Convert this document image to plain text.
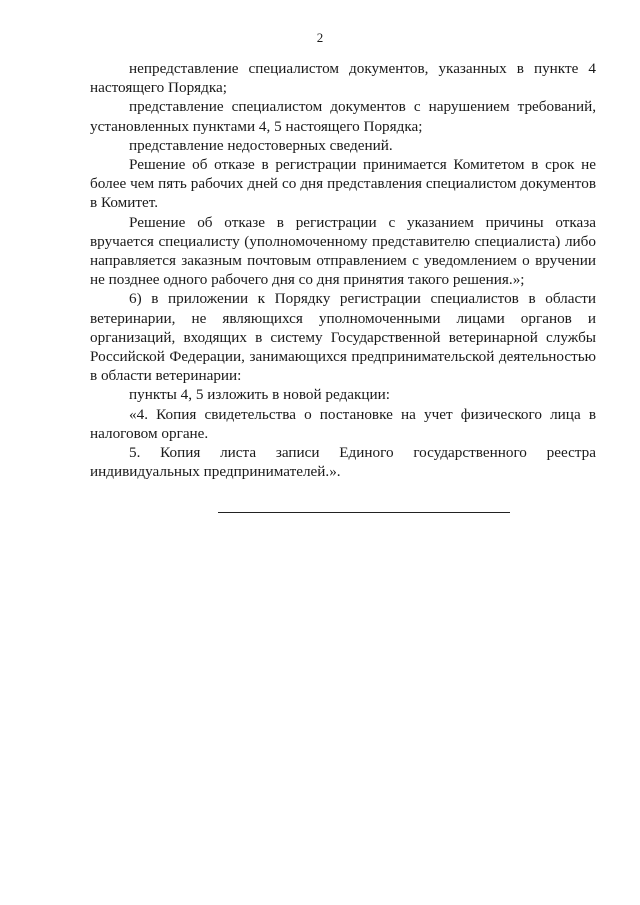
2

непредставление специалистом документов, указанных в пункте 4 настоящего Порядка;

представление специалистом документов с нарушением требований, установленных пунктами 4, 5 настоящего Порядка;

представление недостоверных сведений.

Решение об отказе в регистрации принимается Комитетом в срок не более чем пять рабочих дней со дня представления специалистом документов в Комитет.

Решение об отказе в регистрации с указанием причины отказа вручается специалисту (уполномоченному представителю специалиста) либо направляется заказным почтовым отправлением с уведомлением о вручении не позднее одного рабочего дня со дня принятия такого решения.»;

6) в приложении к Порядку регистрации специалистов в области ветеринарии, не являющихся уполномоченными лицами органов и организаций, входящих в систему Государственной ветеринарной службы Российской Федерации, занимающихся предпринимательской деятельностью в области ветеринарии:

пункты 4, 5 изложить в новой редакции:

«4. Копия свидетельства о постановке на учет физического лица в налоговом органе.

5. Копия листа записи Единого государственного реестра индивидуальных предпринимателей.».
